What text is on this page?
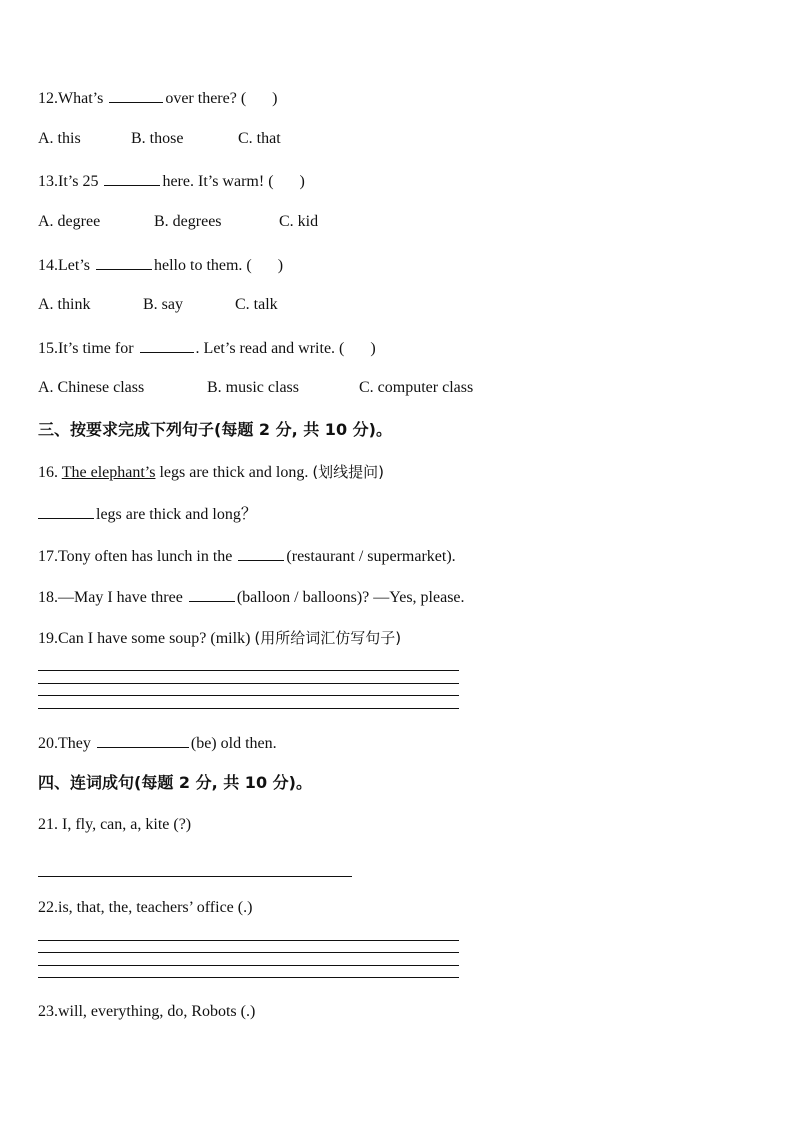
12.What’s	over there? ( )
A. this	B. those	C. that
13.It’s 25	here. It’s warm! ( )
A. degree	B. degrees	C. kid
14.Let’s	hello to them. ( )
A. think	B. say	C. talk
15.It’s time for	. Let’s read and write. ( )
A. Chinese class	B. music class	C. computer class
三、按要求完成下列句子(每题 2 分, 共 10 分)。
16. The elephant’s legs are thick and long. (划线提问)
legs are thick and long？
17.Tony often has lunch in the	(restaurant / supermarket).
18.—May I have three	(balloon / balloons)? —Yes, please.
19.Can I have some soup? (milk) (用所给词汇仿写句子)
20.They	(be) old then.
四、连词成句(每题 2 分, 共 10 分)。
21. I, fly, can, a, kite (?)
22.is, that, the, teachers’ office (.)
23.will, everything, do, Robots (.)
